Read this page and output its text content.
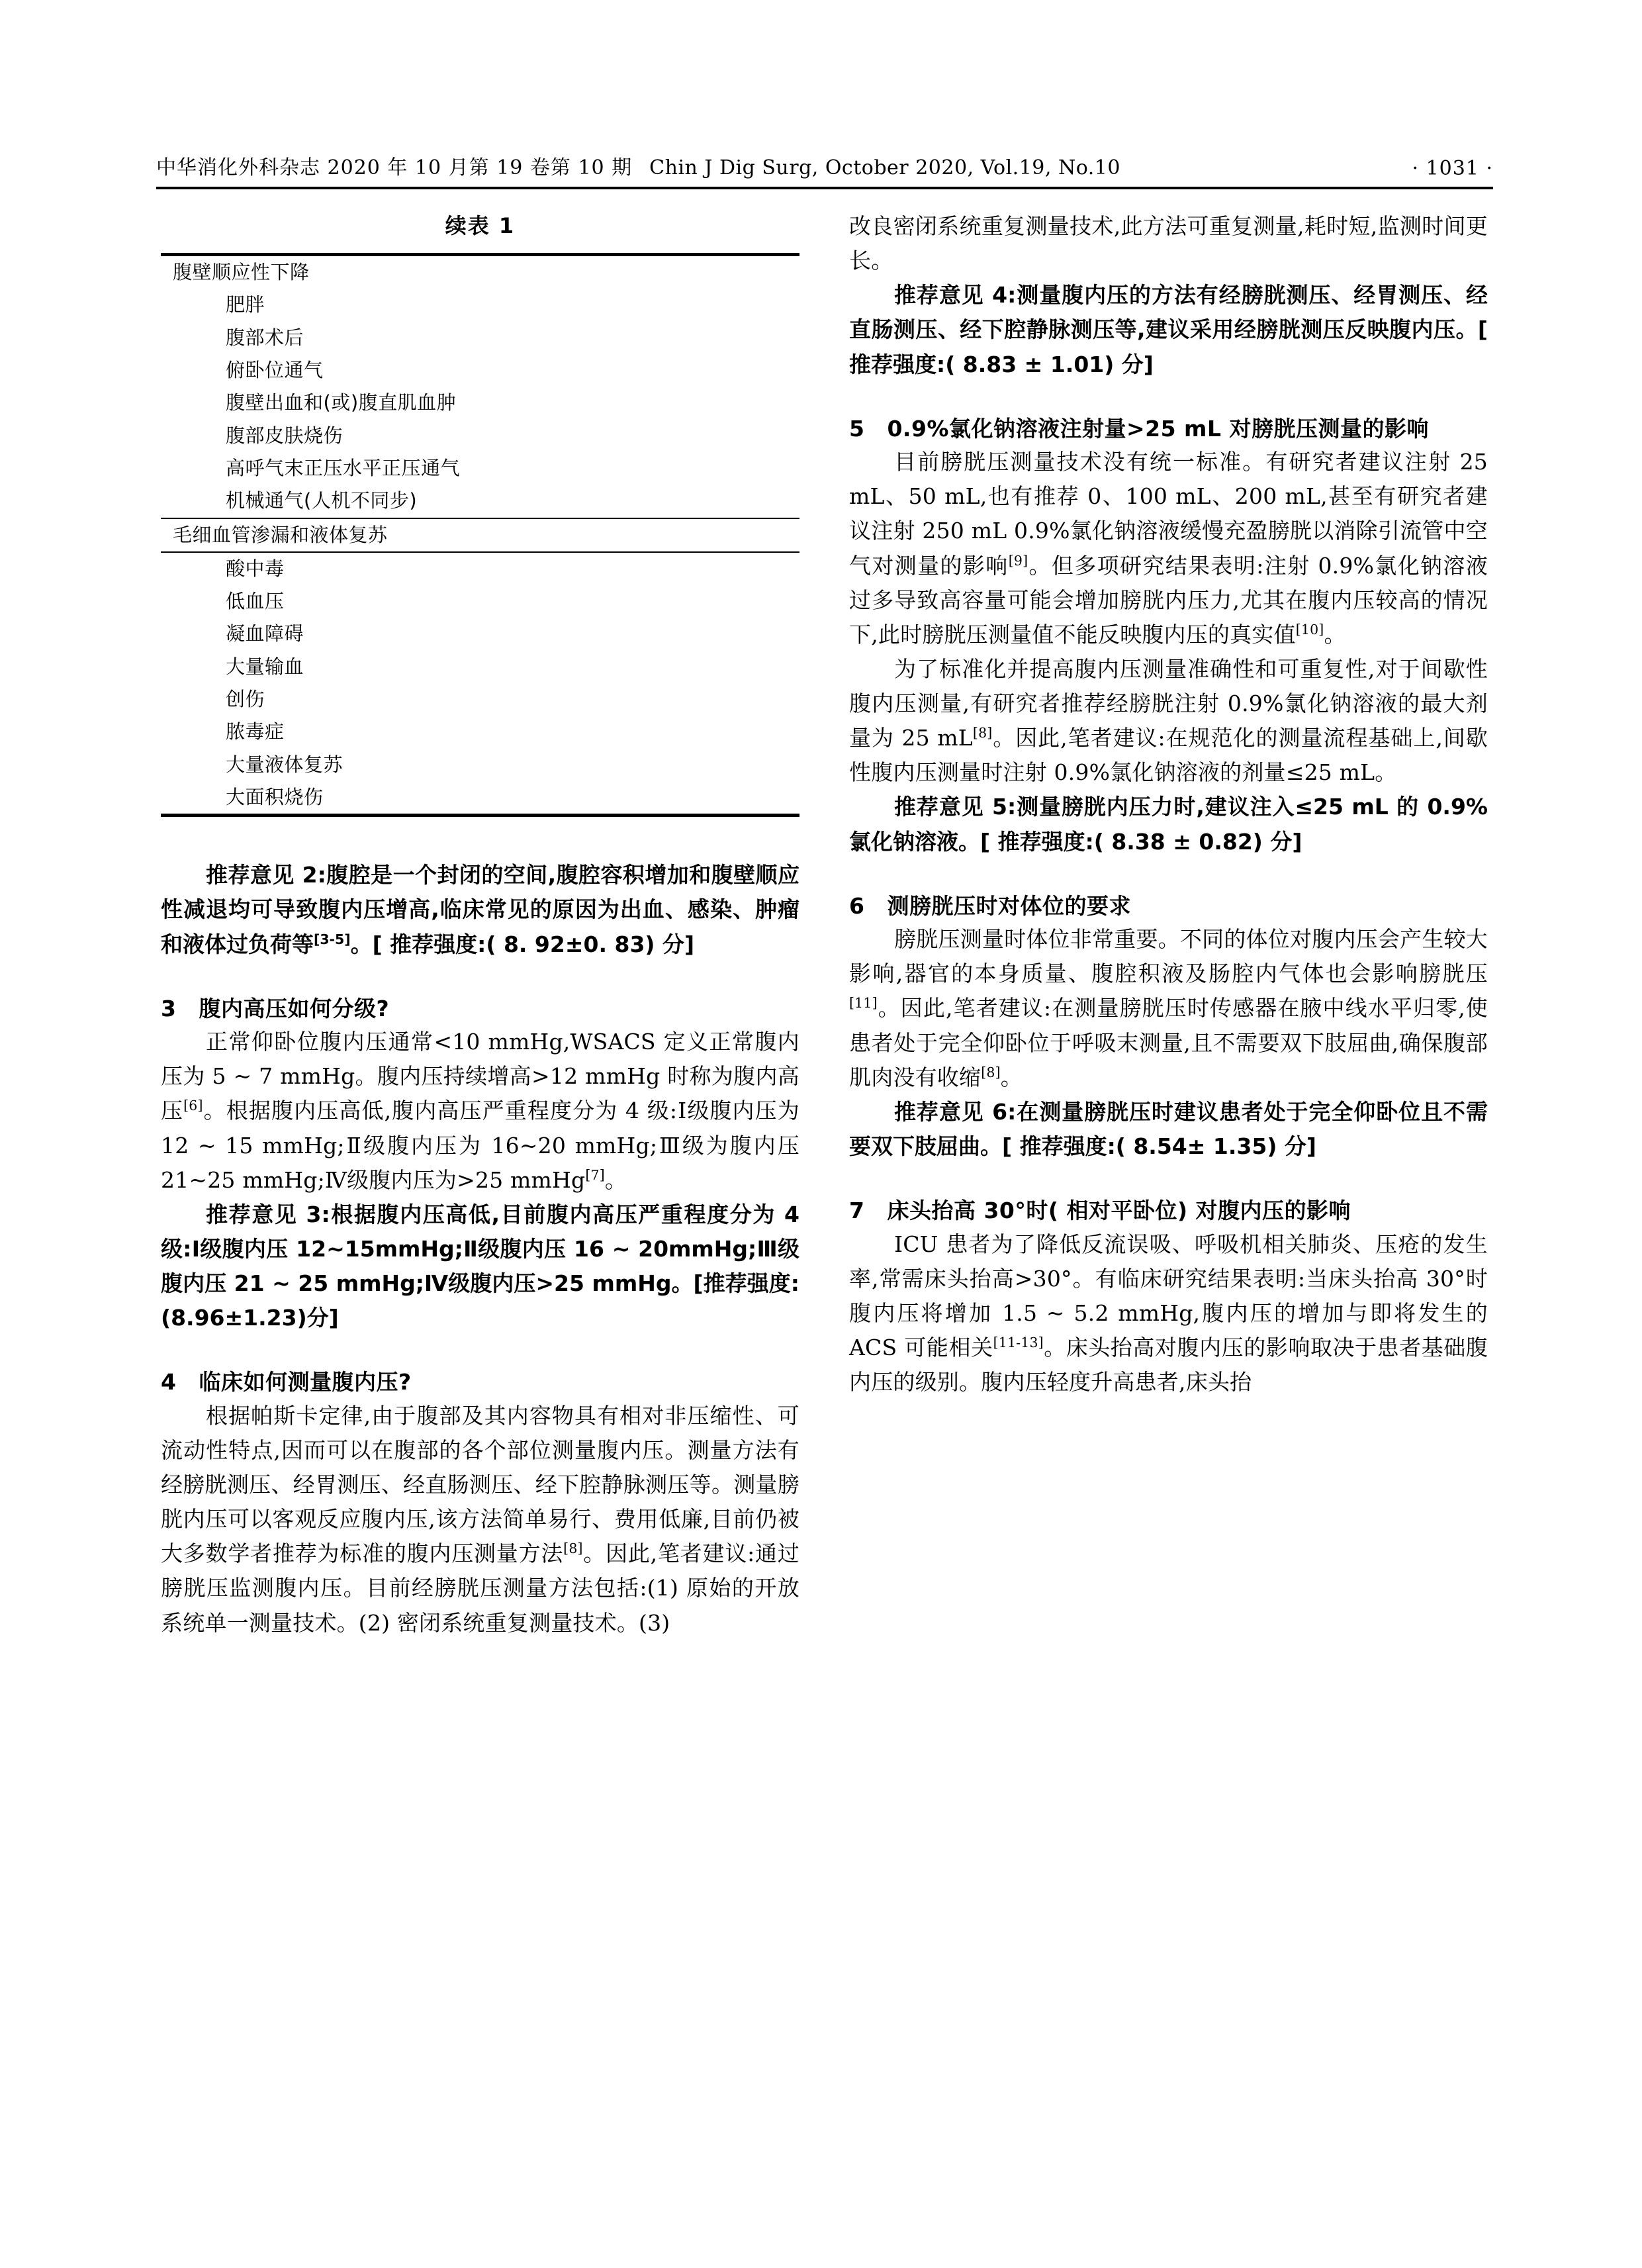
中华消化外科杂志 2020 年 10 月第 19 卷第 10 期 Chin J Dig Surg, October 2020, Vol.19, No.10	· 1031 ·
续表 1
腹壁顺应性下降
肥胖
腹部术后
俯卧位通气
腹壁出血和(或)腹直肌血肿
腹部皮肤烧伤
高呼气末正压水平正压通气
机械通气(人机不同步)
毛细血管渗漏和液体复苏
酸中毒
低血压
凝血障碍
大量输血
创伤
脓毒症
大量液体复苏
大面积烧伤

推荐意见 2:腹腔是一个封闭的空间,腹腔容积增加和腹壁顺应性减退均可导致腹内压增高,临床常见的原因为出血、感染、肿瘤和液体过负荷等[3-5]。[ 推荐强度:( 8. 92±0. 83) 分]

3 腹内高压如何分级?

正常仰卧位腹内压通常<10 mmHg,WSACS 定义正常腹内压为 5 ~ 7 mmHg。腹内压持续增高>12 mmHg 时称为腹内高压[6]。根据腹内压高低,腹内高压严重程度分为 4 级:Ⅰ级腹内压为 12 ~ 15 mmHg;Ⅱ级腹内压为 16~20 mmHg;Ⅲ级为腹内压 21~25 mmHg;Ⅳ级腹内压为>25 mmHg[7]。

推荐意见 3:根据腹内压高低,目前腹内高压严重程度分为 4 级:Ⅰ级腹内压 12~15mmHg;Ⅱ级腹内压 16 ~ 20mmHg;Ⅲ级腹内压 21 ~ 25 mmHg;Ⅳ级腹内压>25 mmHg。[推荐强度:(8.96±1.23)分]

4 临床如何测量腹内压?

根据帕斯卡定律,由于腹部及其内容物具有相对非压缩性、可流动性特点,因而可以在腹部的各个部位测量腹内压。测量方法有经膀胱测压、经胃测压、经直肠测压、经下腔静脉测压等。测量膀胱内压可以客观反应腹内压,该方法简单易行、费用低廉,目前仍被大多数学者推荐为标准的腹内压测量方法[8]。因此,笔者建议:通过膀胱压监测腹内压。目前经膀胱压测量方法包括:(1) 原始的开放系统单一测量技术。(2) 密闭系统重复测量技术。(3)

改良密闭系统重复测量技术,此方法可重复测量,耗时短,监测时间更长。

推荐意见 4:测量腹内压的方法有经膀胱测压、经胃测压、经直肠测压、经下腔静脉测压等,建议采用经膀胱测压反映腹内压。[ 推荐强度:( 8.83 ± 1.01) 分]

5 0.9%氯化钠溶液注射量>25 mL 对膀胱压测量的影响

目前膀胱压测量技术没有统一标准。有研究者建议注射 25 mL、50 mL,也有推荐 0、100 mL、200 mL,甚至有研究者建议注射 250 mL 0.9%氯化钠溶液缓慢充盈膀胱以消除引流管中空气对测量的影响[9]。但多项研究结果表明:注射 0.9%氯化钠溶液过多导致高容量可能会增加膀胱内压力,尤其在腹内压较高的情况下,此时膀胱压测量值不能反映腹内压的真实值[10]。

为了标准化并提高腹内压测量准确性和可重复性,对于间歇性腹内压测量,有研究者推荐经膀胱注射 0.9%氯化钠溶液的最大剂量为 25 mL[8]。因此,笔者建议:在规范化的测量流程基础上,间歇性腹内压测量时注射 0.9%氯化钠溶液的剂量≤25 mL。

推荐意见 5:测量膀胱内压力时,建议注入≤25 mL 的 0.9%氯化钠溶液。[ 推荐强度:( 8.38 ± 0.82) 分]

6 测膀胱压时对体位的要求

膀胱压测量时体位非常重要。不同的体位对腹内压会产生较大影响,器官的本身质量、腹腔积液及肠腔内气体也会影响膀胱压[11]。因此,笔者建议:在测量膀胱压时传感器在腋中线水平归零,使患者处于完全仰卧位于呼吸末测量,且不需要双下肢屈曲,确保腹部肌肉没有收缩[8]。

推荐意见 6:在测量膀胱压时建议患者处于完全仰卧位且不需要双下肢屈曲。[ 推荐强度:( 8.54± 1.35) 分]

7 床头抬高 30°时( 相对平卧位) 对腹内压的影响

ICU 患者为了降低反流误吸、呼吸机相关肺炎、压疮的发生率,常需床头抬高>30°。有临床研究结果表明:当床头抬高 30°时腹内压将增加 1.5 ~ 5.2 mmHg,腹内压的增加与即将发生的 ACS 可能相关[11-13]。床头抬高对腹内压的影响取决于患者基础腹内压的级别。腹内压轻度升高患者,床头抬
